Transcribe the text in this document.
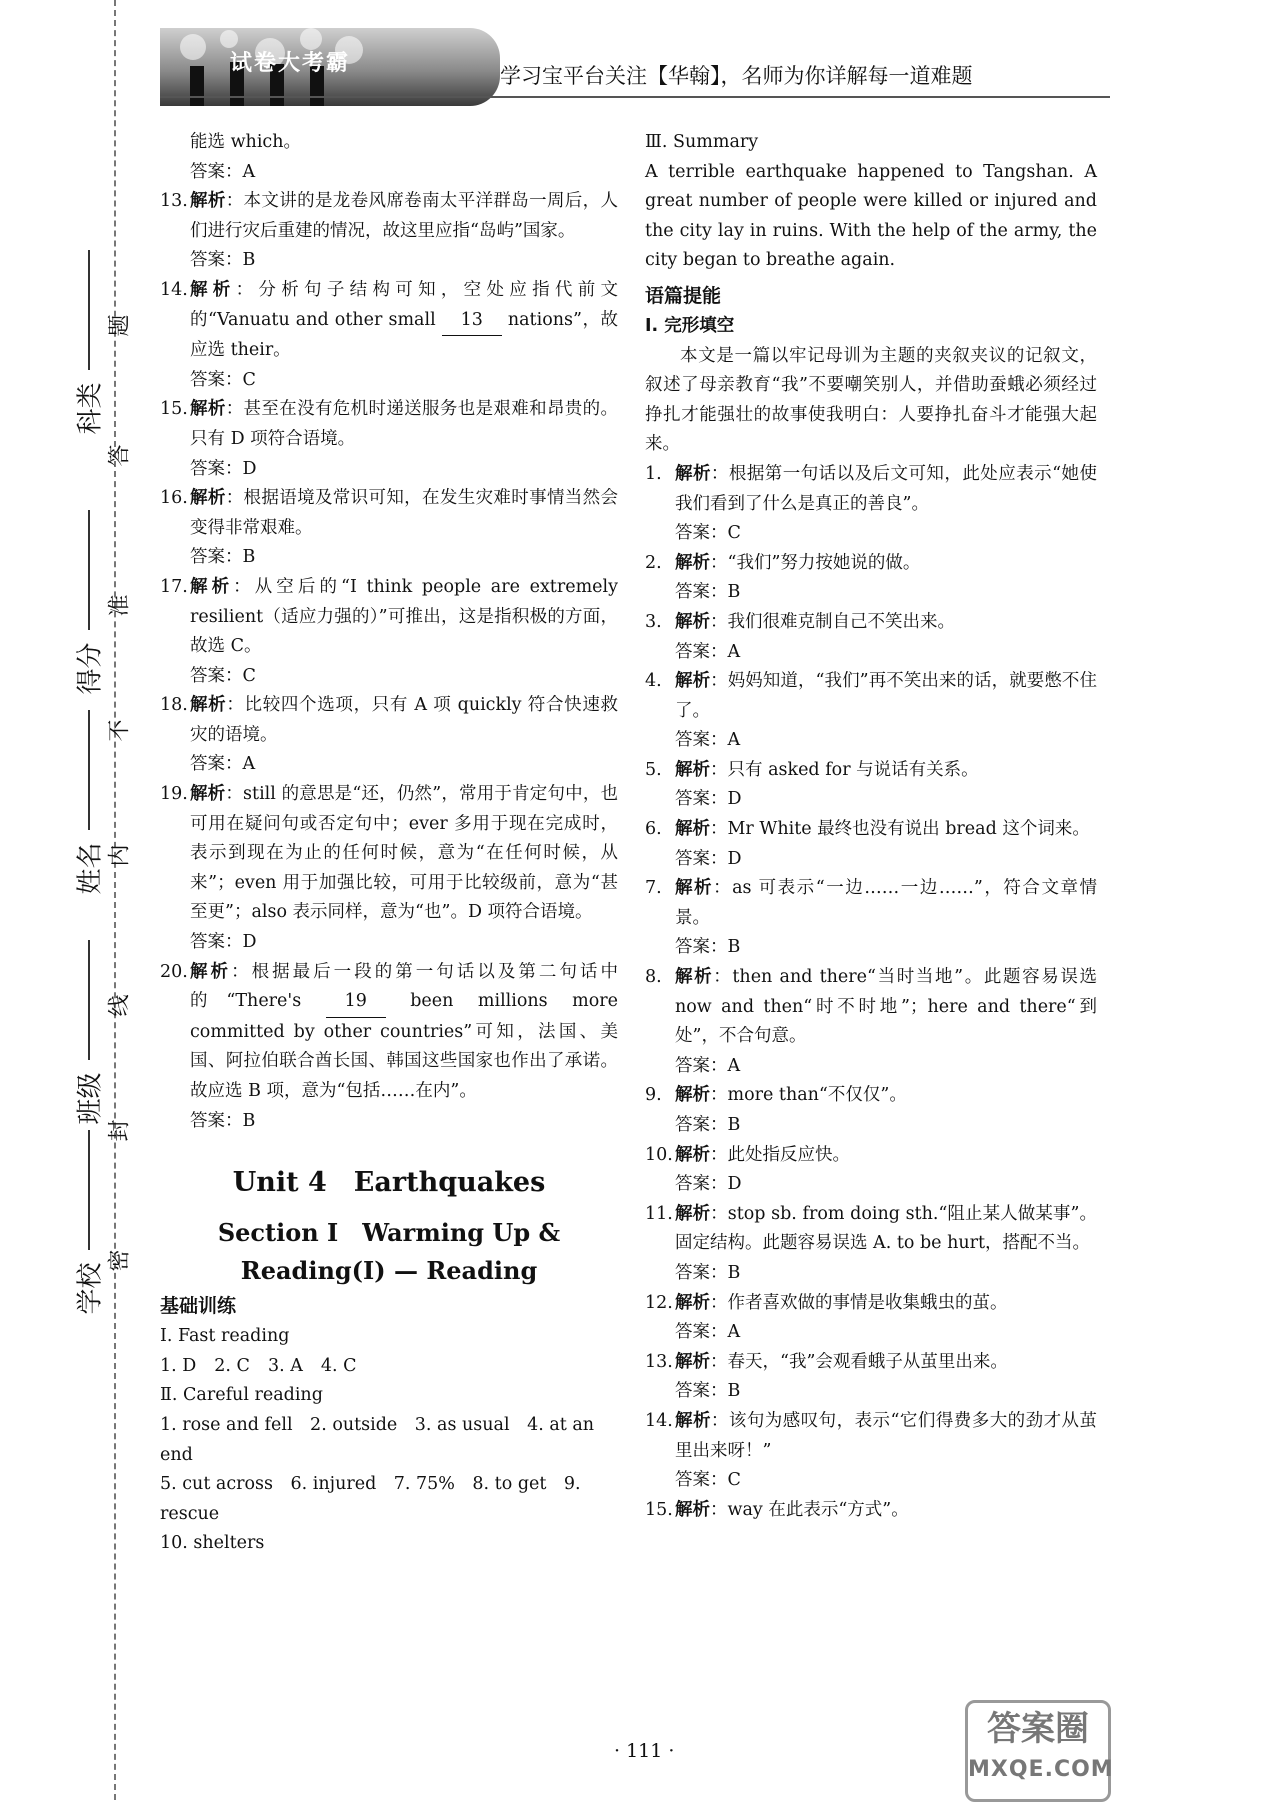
试卷大考霸	学习宝平台关注【华翰】，名师为你详解每一道难题
科类
得分
姓名
班级
学校
题
答
准
不
内
线
封
密
能选 which。
答案：A
13. 解析：本文讲的是龙卷风席卷南太平洋群岛一周后，人们进行灾后重建的情况，故这里应指“岛屿”国家。
答案：B
14. 解析：分析句子结构可知，空处应指代前文的“Vanuatu and other small 13 nations”，故应选 their。
答案：C
15. 解析：甚至在没有危机时递送服务也是艰难和昂贵的。只有 D 项符合语境。
答案：D
16. 解析：根据语境及常识可知，在发生灾难时事情当然会变得非常艰难。
答案：B
17. 解析：从空后的“I think people are extremely resilient（适应力强的）”可推出，这是指积极的方面，故选 C。
答案：C
18. 解析：比较四个选项，只有 A 项 quickly 符合快速救灾的语境。
答案：A
19. 解析：still 的意思是“还，仍然”，常用于肯定句中，也可用在疑问句或否定句中；ever 多用于现在完成时，表示到现在为止的任何时候，意为“在任何时候，从来”；even 用于加强比较，可用于比较级前，意为“甚至更”；also 表示同样，意为“也”。D 项符合语境。
答案：D
20. 解析：根据最后一段的第一句话以及第二句话中的“There's 19 been millions more committed by other countries”可知，法国、美国、阿拉伯联合酋长国、韩国这些国家也作出了承诺。故应选 B 项，意为“包括……在内”。
答案：B
Unit 4　Earthquakes
Section Ⅰ　Warming Up &
Reading(Ⅰ) — Reading
基础训练
Ⅰ. Fast reading
1. D 2. C 3. A 4. C
Ⅱ. Careful reading
1. rose and fell　2. outside　3. as usual　4. at an end
5. cut across　6. injured　7. 75%　8. to get　9. rescue
10. shelters
Ⅲ. Summary
A terrible earthquake happened to Tangshan. A great number of people were killed or injured and the city lay in ruins. With the help of the army, the city began to breathe again.
语篇提能
Ⅰ. 完形填空
本文是一篇以牢记母训为主题的夹叙夹议的记叙文，叙述了母亲教育“我”不要嘲笑别人，并借助蚕蛾必须经过挣扎才能强壮的故事使我明白：人要挣扎奋斗才能强大起来。
1. 解析：根据第一句话以及后文可知，此处应表示“她使我们看到了什么是真正的善良”。
答案：C
2. 解析：“我们”努力按她说的做。
答案：B
3. 解析：我们很难克制自己不笑出来。
答案：A
4. 解析：妈妈知道，“我们”再不笑出来的话，就要憋不住了。
答案：A
5. 解析：只有 asked for 与说话有关系。
答案：D
6. 解析：Mr White 最终也没有说出 bread 这个词来。
答案：D
7. 解析：as 可表示“一边……一边……”，符合文章情景。
答案：B
8. 解析：then and there“当时当地”。此题容易误选 now and then“时不时地”；here and there“到处”，不合句意。
答案：A
9. 解析：more than“不仅仅”。
答案：B
10. 解析：此处指反应快。
答案：D
11. 解析：stop sb. from doing sth.“阻止某人做某事”。固定结构。此题容易误选 A. to be hurt，搭配不当。
答案：B
12. 解析：作者喜欢做的事情是收集蛾虫的茧。
答案：A
13. 解析：春天，“我”会观看蛾子从茧里出来。
答案：B
14. 解析：该句为感叹句，表示“它们得费多大的劲才从茧里出来呀！”
答案：C
15. 解析：way 在此表示“方式”。
· 111 ·
答案圈
MXQE.COM
